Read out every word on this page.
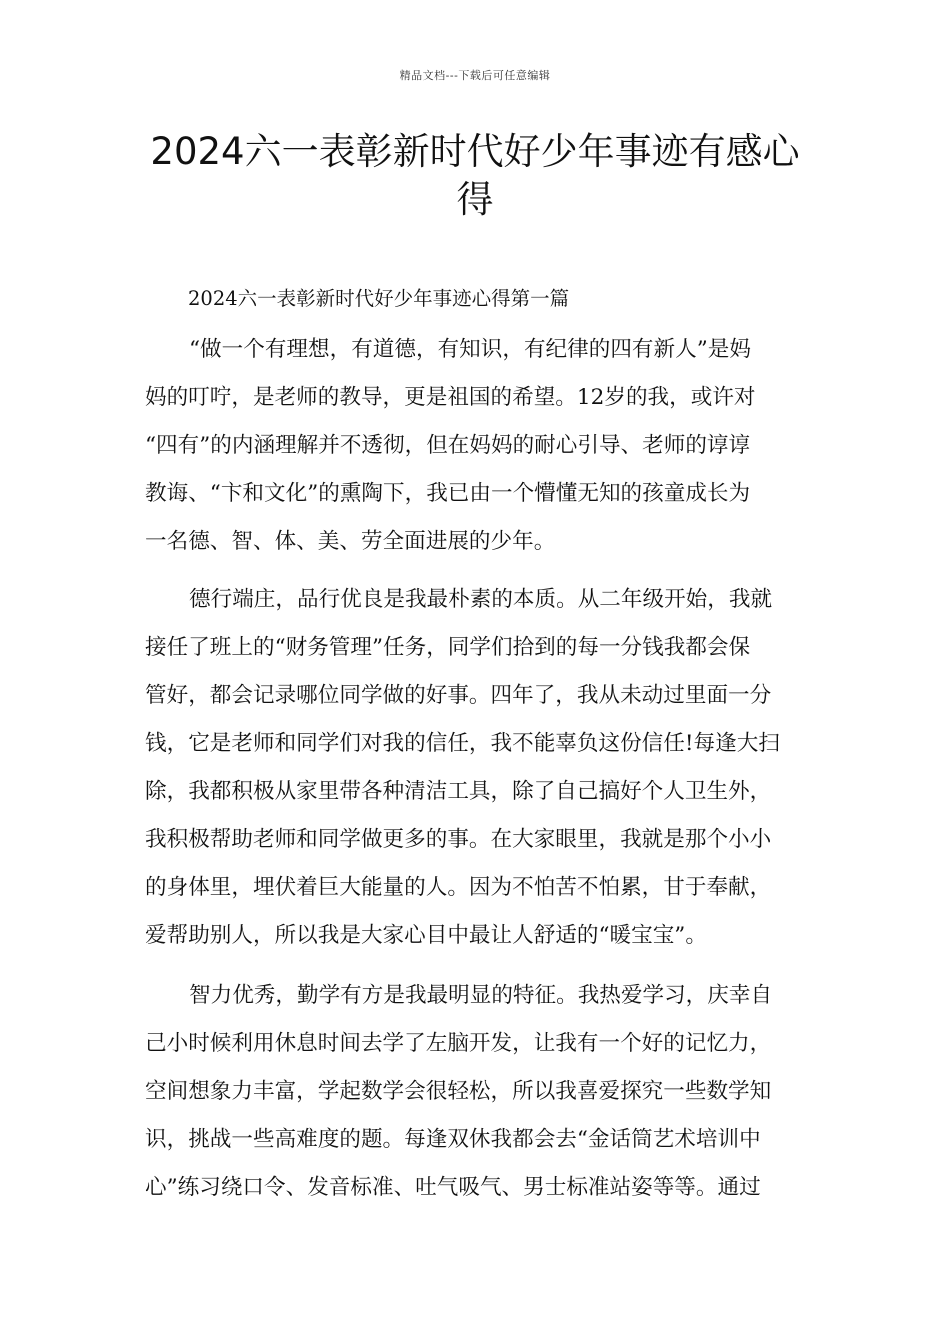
精品文档---下载后可任意编辑
2024六一表彰新时代好少年事迹有感心
得
2024六一表彰新时代好少年事迹心得第一篇

“做一个有理想，有道德，有知识，有纪律的四有新人”是妈
妈的叮咛，是老师的教导，更是祖国的希望。12岁的我，或许对
“四有”的内涵理解并不透彻，但在妈妈的耐心引导、老师的谆谆
教诲、“卞和文化”的熏陶下，我已由一个懵懂无知的孩童成长为
一名德、智、体、美、劳全面进展的少年。

德行端庄，品行优良是我最朴素的本质。从二年级开始，我就
接任了班上的“财务管理”任务，同学们拾到的每一分钱我都会保
管好，都会记录哪位同学做的好事。四年了，我从未动过里面一分
钱，它是老师和同学们对我的信任，我不能辜负这份信任!每逢大扫
除，我都积极从家里带各种清洁工具，除了自己搞好个人卫生外，
我积极帮助老师和同学做更多的事。在大家眼里，我就是那个小小
的身体里，埋伏着巨大能量的人。因为不怕苦不怕累，甘于奉献，
爱帮助别人，所以我是大家心目中最让人舒适的“暖宝宝”。

智力优秀，勤学有方是我最明显的特征。我热爱学习，庆幸自
己小时候利用休息时间去学了左脑开发，让我有一个好的记忆力，
空间想象力丰富，学起数学会很轻松，所以我喜爱探究一些数学知
识，挑战一些高难度的题。每逢双休我都会去“金话筒艺术培训中
心”练习绕口令、发音标准、吐气吸气、男士标准站姿等等。通过
